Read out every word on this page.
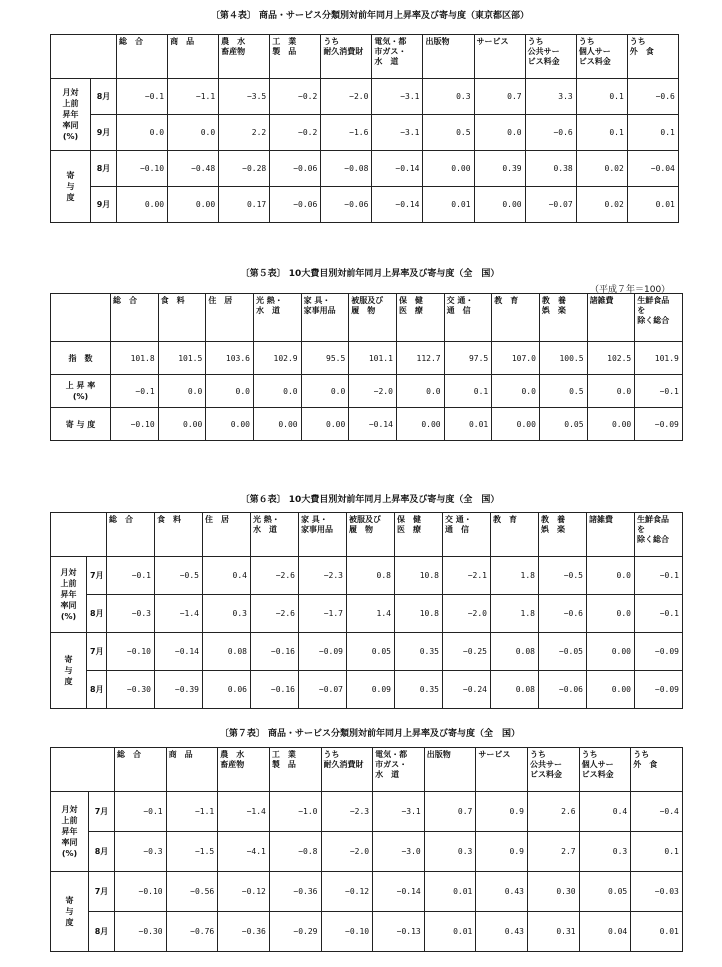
〔第４表〕 商品・サービス分類別対前年同月上昇率及び寄与度（東京都区部）
		総　合	商　品	農　水
畜産物	工　業
製　品	うち
耐久消費財	電気・都
市ガス・
水　道	出版物	サービス	うち
公共サー
ビス料金	うち
個人サー
ビス料金	うち
外　食
月対
上前
昇年
率同
(%)	8月	−0.1	−1.1	−3.5	−0.2	−2.0	−3.1	0.3	0.7	3.3	0.1	−0.6
	9月	0.0	0.0	2.2	−0.2	−1.6	−3.1	0.5	0.0	−0.6	0.1	0.1
寄
与
度	8月	−0.10	−0.48	−0.28	−0.06	−0.08	−0.14	0.00	0.39	0.38	0.02	−0.04
	9月	0.00	0.00	0.17	−0.06	−0.06	−0.14	0.01	0.00	−0.07	0.02	0.01
〔第５表〕 10大費目別対前年同月上昇率及び寄与度（全　国）
（平成７年＝100）
	総　合	食　料	住　居	光 熱・
水　道	家 具・
家事用品	被服及び
履　物	保　健
医　療	交 通・
通　信	教　育	教　養
娯　楽	諸雑費	生鮮食品
を
除く総合
指　数	101.8	101.5	103.6	102.9	95.5	101.1	112.7	97.5	107.0	100.5	102.5	101.9
上 昇 率
(%)	−0.1	0.0	0.0	0.0	0.0	−2.0	0.0	0.1	0.0	0.5	0.0	−0.1
寄 与 度	−0.10	0.00	0.00	0.00	0.00	−0.14	0.00	0.01	0.00	0.05	0.00	−0.09
〔第６表〕 10大費目別対前年同月上昇率及び寄与度（全　国）
		総　合	食　料	住　居	光 熱・
水　道	家 具・
家事用品	被服及び
履　物	保　健
医　療	交 通・
通　信	教　育	教　養
娯　楽	諸雑費	生鮮食品
を
除く総合
月対
上前
昇年
率同
(%)	7月	−0.1	−0.5	0.4	−2.6	−2.3	0.8	10.8	−2.1	1.8	−0.5	0.0	−0.1
	8月	−0.3	−1.4	0.3	−2.6	−1.7	1.4	10.8	−2.0	1.8	−0.6	0.0	−0.1
寄
与
度	7月	−0.10	−0.14	0.08	−0.16	−0.09	0.05	0.35	−0.25	0.08	−0.05	0.00	−0.09
	8月	−0.30	−0.39	0.06	−0.16	−0.07	0.09	0.35	−0.24	0.08	−0.06	0.00	−0.09
〔第７表〕 商品・サービス分類別対前年同月上昇率及び寄与度（全　国）
		総　合	商　品	農　水
畜産物	工　業
製　品	うち
耐久消費財	電気・都
市ガス・
水　道	出版物	サービス	うち
公共サー
ビス料金	うち
個人サー
ビス料金	うち
外　食
月対
上前
昇年
率同
(%)	7月	−0.1	−1.1	−1.4	−1.0	−2.3	−3.1	0.7	0.9	2.6	0.4	−0.4
	8月	−0.3	−1.5	−4.1	−0.8	−2.0	−3.0	0.3	0.9	2.7	0.3	0.1
寄
与
度	7月	−0.10	−0.56	−0.12	−0.36	−0.12	−0.14	0.01	0.43	0.30	0.05	−0.03
	8月	−0.30	−0.76	−0.36	−0.29	−0.10	−0.13	0.01	0.43	0.31	0.04	0.01
